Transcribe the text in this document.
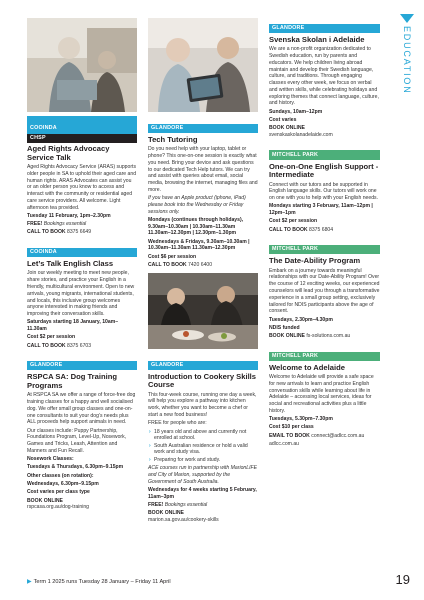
EDUCATION
COOINDA
CHSP
Aged Rights Advocacy Service Talk

Aged Rights Advocacy Service (ARAS) supports older people in SA to uphold their aged care and human rights. ARAS Advocates can assist you or an older person you know to access and interact with the community or residential aged care service providers. All welcome. Light afternoon tea provided.

Tuesday 11 February, 1pm–2.30pm

FREE! Bookings essential

CALL TO BOOK 8375 6649

COOINDA
Let’s Talk English Class

Join our weekly meeting to meet new people, share stories, and practice your English in a friendly, multicultural environment. Open to new arrivals, young migrants, international students, and locals, this inclusive group welcomes anyone interested in making friends and improving their conversation skills.

Saturdays starting 18 January, 10am–11.30am

Cost $2 per session

CALL TO BOOK 8375 6703

GLANDORE
RSPCA SA: Dog Training Programs

At RSPCA SA we offer a range of force-free dog training classes for a happy and well socialised dog. We offer small group classes and one-on-one consultants to suit your dog’s needs plus ALL proceeds help support animals in need.

Our classes include: Puppy Partnership, Foundations Program, Level-Up, Nosework, Games and Tricks, Leash, Attention and Manners and Fun Recall.

Nosework Classes:

Tuesdays & Thursdays, 6.30pm–9.15pm

Other classes (on rotation):

Wednesdays, 6.30pm–9.15pm

Cost varies per class type

BOOK ONLINE

rspcasa.org.au/dog-training

GLANDORE
Tech Tutoring

Do you need help with your laptop, tablet or phone? This one-on-one session is exactly what you need. Bring your device and ask questions to our dedicated Tech Help tutors. We can try and assist with queries about email, social media, browsing the internet, managing files and more.

If you have an Apple product (iphone, iPad) please book into the Wednesday or Friday sessions only.

Mondays (continues through holidays), 9.30am–10.30am | 10.30am–11.30am 11.30am–12.30pm | 12.30pm–1.30pm

Wednesdays & Fridays, 9.30am–10.30am | 10.30am–11.30am 11.30am–12.30pm

Cost $6 per session

CALL TO BOOK 7420 6400

GLANDORE
Introduction to Cookery Skills Course

This four-week course, running one day a week, will help you explore a pathway into kitchen work, whether you want to become a chef or start a new food business!

FREE for people who are:

› 18 years old and above and currently not enrolled at school.
› South Australian residence or hold a valid work and study visa.
› Preparing for work and study.

ACE courses run in partnership with MarionLIFE and City of Marion, supported by the Government of South Australia.

Wednesdays for 4 weeks starting 5 February, 11am–3pm

FREE! Bookings essential

BOOK ONLINE

marion.sa.gov.au/cookery-skills

GLANDORE
Svenska Skolan i Adelaide

We are a non-profit organization dedicated to Swedish education, run by parents and educators. We help children living abroad maintain and develop their Swedish language, culture, and traditions. Through engaging classes every other week, we focus on verbal and written skills, while celebrating holidays and exploring themes that connect language, culture, and history.

Sundays, 10am–12pm

Cost varies

BOOK ONLINE

svenskaskolanadelaide.com

MITCHELL PARK
One-on-One English Support - Intermediate

Connect with our tutors and be supported in English language skills. Our tutors will work one on one with you to help with your English needs.

Mondays starting 3 February, 11am–12pm | 12pm–1pm

Cost $2 per session

CALL TO BOOK 8375 6804

MITCHELL PARK
The Date-Ability Program

Embark on a journey towards meaningful relationships with our Date-Ability Program! Over the course of 12 exciting weeks, our experienced counselors will lead you through a transformative experience in a small group setting, exclusively tailored for NDIS participants above the age of consent.

Tuesdays, 2.30pm–4.30pm

NDIS funded

BOOK ONLINE fs-solutions.com.au

MITCHELL PARK
Welcome to Adelaide

Welcome to Adelaide will provide a safe space for new arrivals to learn and practice English conversation skills while learning about life in Adelaide – accessing local services, ideas for social and recreational activities plus a little history.

Tuesdays, 5.30pm–7.30pm

Cost $10 per class

EMAIL TO BOOK connect@adlcc.com.au

adlcc.com.au

▶ Term 1 2025 runs Tuesday 28 January – Friday 11 April	19
